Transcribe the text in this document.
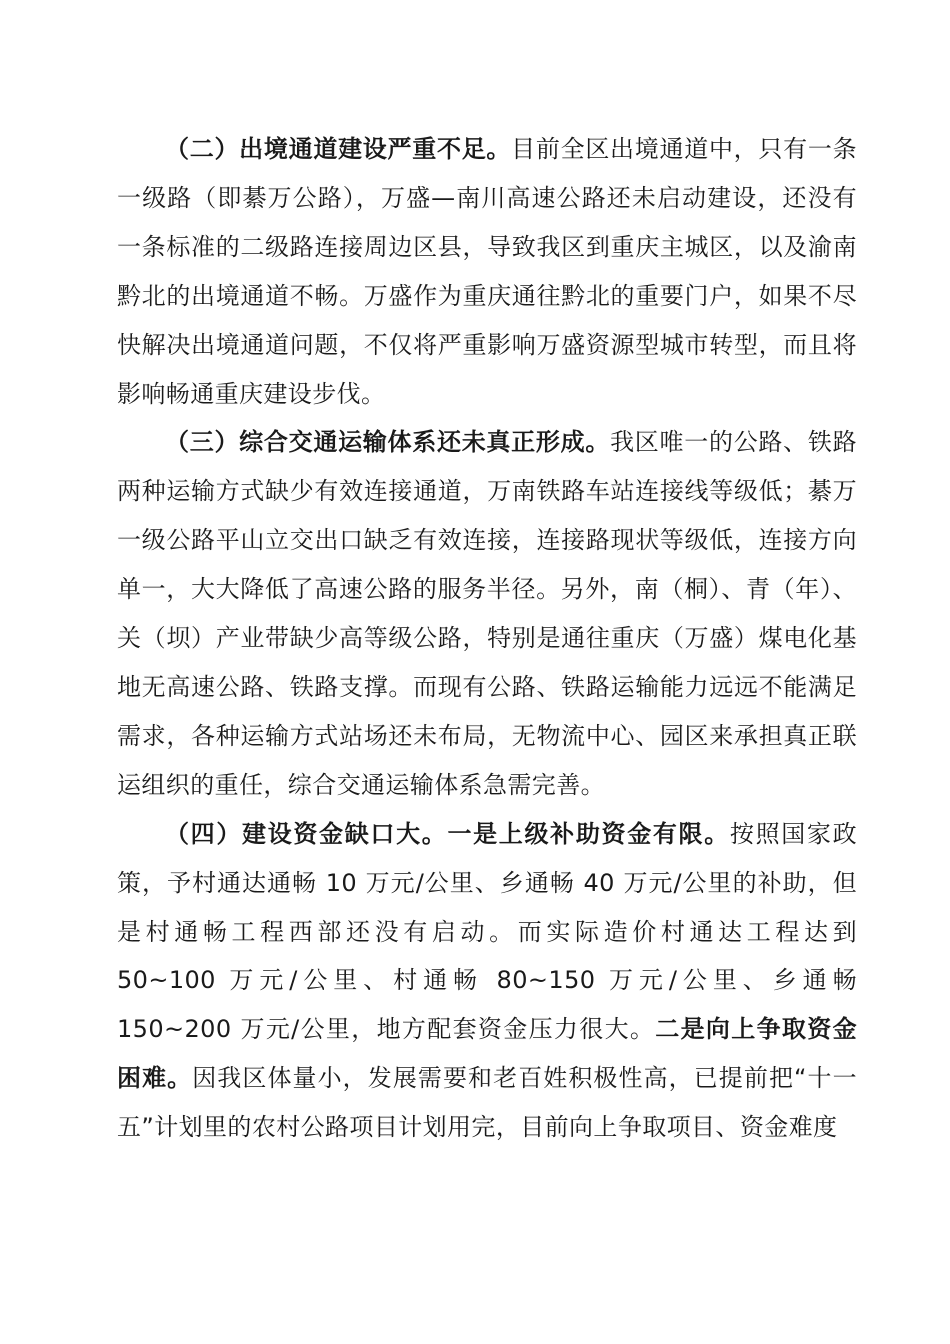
（二）出境通道建设严重不足。目前全区出境通道中，只有一条一级路（即綦万公路），万盛—南川高速公路还未启动建设，还没有一条标准的二级路连接周边区县，导致我区到重庆主城区，以及渝南黔北的出境通道不畅。万盛作为重庆通往黔北的重要门户，如果不尽快解决出境通道问题，不仅将严重影响万盛资源型城市转型，而且将影响畅通重庆建设步伐。

（三）综合交通运输体系还未真正形成。我区唯一的公路、铁路两种运输方式缺少有效连接通道，万南铁路车站连接线等级低；綦万一级公路平山立交出口缺乏有效连接，连接路现状等级低，连接方向单一，大大降低了高速公路的服务半径。另外，南（桐）、青（年）、关（坝）产业带缺少高等级公路，特别是通往重庆（万盛）煤电化基地无高速公路、铁路支撑。而现有公路、铁路运输能力远远不能满足需求，各种运输方式站场还未布局，无物流中心、园区来承担真正联运组织的重任，综合交通运输体系急需完善。

（四）建设资金缺口大。一是上级补助资金有限。按照国家政策，予村通达通畅 10 万元/公里、乡通畅 40 万元/公里的补助，但是村通畅工程西部还没有启动。而实际造价村通达工程达到 50~100 万元/公里、村通畅 80~150 万元/公里、乡通畅 150~200 万元/公里，地方配套资金压力很大。二是向上争取资金困难。因我区体量小，发展需要和老百姓积极性高，已提前把“十一五”计划里的农村公路项目计划用完，目前向上争取项目、资金难度
